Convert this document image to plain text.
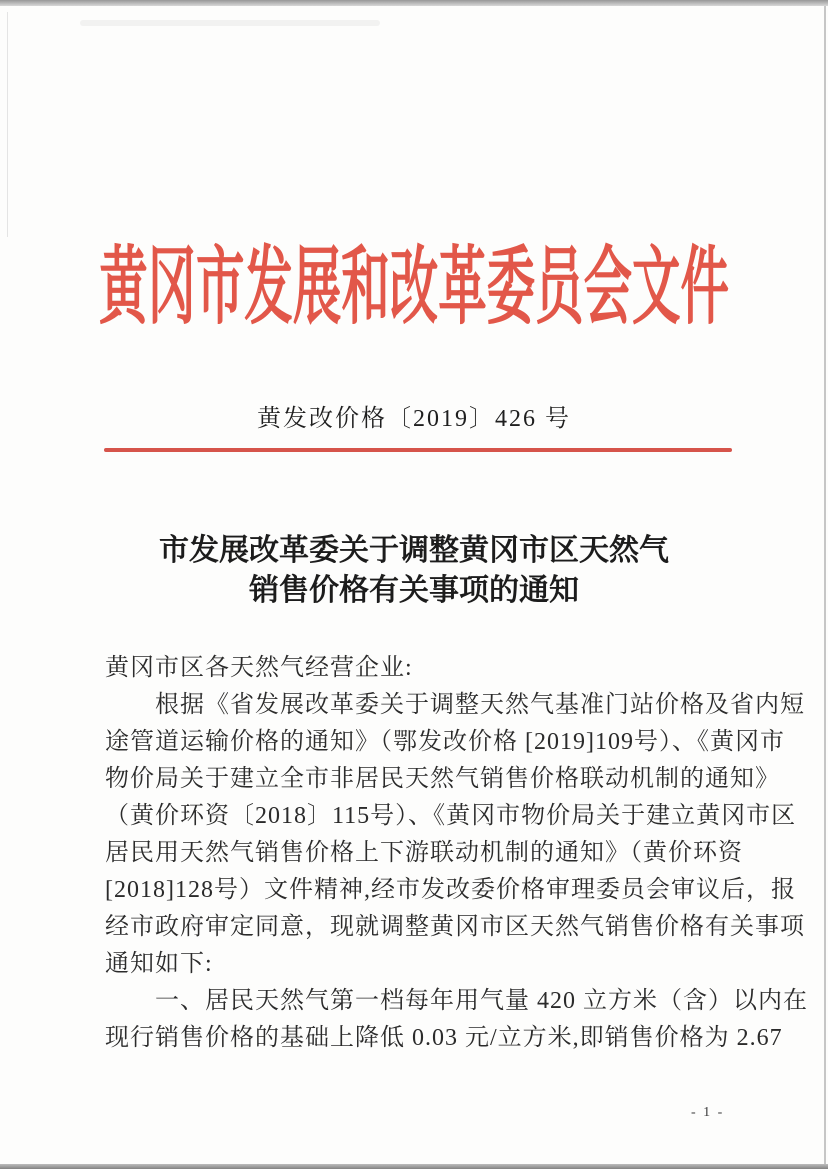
黄冈市发展和改革委员会文件
黄发改价格〔2019〕426 号
市发展改革委关于调整黄冈市区天然气
销售价格有关事项的通知
黄冈市区各天然气经营企业:
　　根据《省发展改革委关于调整天然气基准门站价格及省内短
途管道运输价格的通知》（鄂发改价格 [2019]109号）、《黄冈市
物价局关于建立全市非居民天然气销售价格联动机制的通知》
（黄价环资〔2018〕115号）、《黄冈市物价局关于建立黄冈市区
居民用天然气销售价格上下游联动机制的通知》（黄价环资
[2018]128号）文件精神,经市发改委价格审理委员会审议后，报
经市政府审定同意，现就调整黄冈市区天然气销售价格有关事项
通知如下:
　　一、居民天然气第一档每年用气量 420 立方米（含）以内在
现行销售价格的基础上降低 0.03 元/立方米,即销售价格为 2.67
- 1 -
